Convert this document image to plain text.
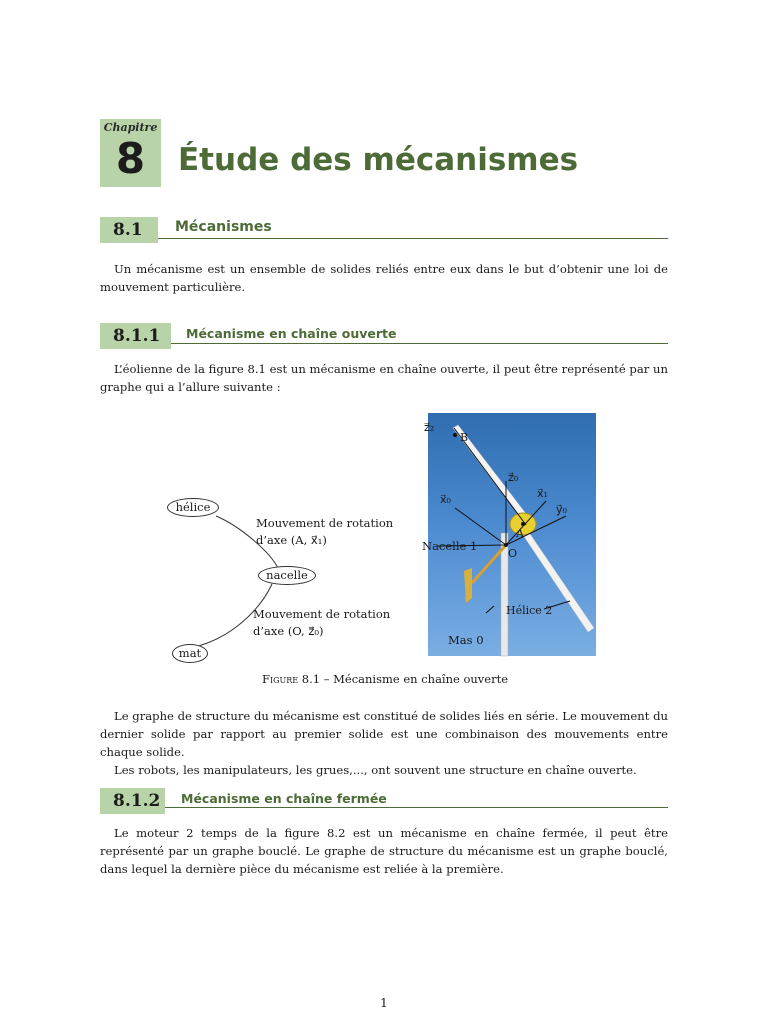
Chapitre
8	Étude des mécanismes
8.1	Mécanismes

Un mécanisme est un ensemble de solides reliés entre eux dans le but d’obtenir une loi de mouvement particulière.

8.1.1	Mécanisme en chaîne ouverte

L’éolienne de la figure 8.1 est un mécanisme en chaîne ouverte, il peut être représenté par un graphe qui a l’allure suivante :

hélice
nacelle
mat
Mouvement de rotation
d’axe (A, x⃗₁)
Mouvement de rotation
d’axe (O, z⃗₀)
z⃗₂
B
z⃗₀
x⃗₀	x⃗₁
y⃗₀
A
O
Hélice 2
Nacelle 1
Mas 0
Figure 8.1 – Mécanisme en chaîne ouverte

Le graphe de structure du mécanisme est constitué de solides liés en série. Le mouvement du dernier solide par rapport au premier solide est une combinaison des mouvements entre chaque solide.

Les robots, les manipulateurs, les grues,..., ont souvent une structure en chaîne ouverte.

8.1.2	Mécanisme en chaîne fermée

Le moteur 2 temps de la figure 8.2 est un mécanisme en chaîne fermée, il peut être représenté par un graphe bouclé. Le graphe de structure du mécanisme est un graphe bouclé, dans lequel la dernière pièce du mécanisme est reliée à la première.

1
